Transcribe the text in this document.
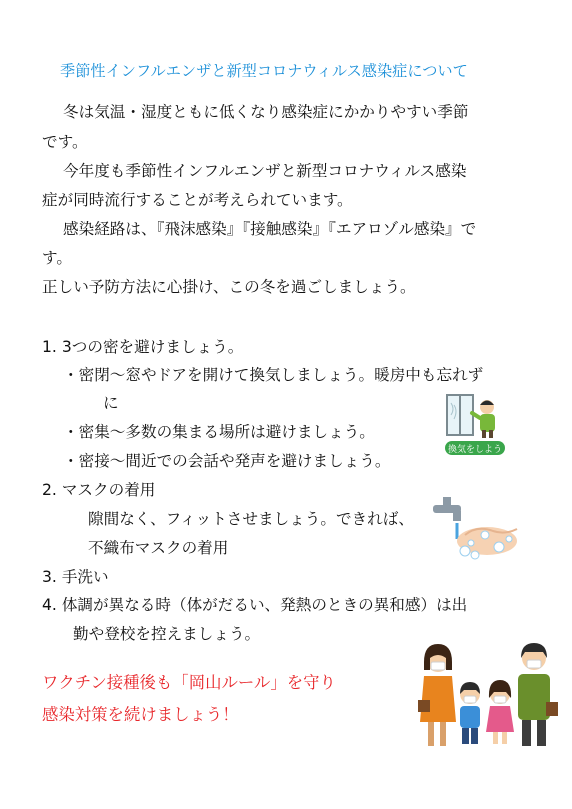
季節性インフルエンザと新型コロナウィルス感染症について
冬は気温・湿度ともに低くなり感染症にかかりやすい季節
です。
今年度も季節性インフルエンザと新型コロナウィルス感染
症が同時流行することが考えられています。
感染経路は、『飛沫感染』『接触感染』『エアロゾル感染』で
す。
正しい予防方法に心掛け、この冬を過ごしましょう。
1. 3つの密を避けましょう。
・密閉～窓やドアを開けて換気しましょう。暖房中も忘れず
に
・密集～多数の集まる場所は避けましょう。
・密接～間近での会話や発声を避けましょう。
2. マスクの着用
隙間なく、フィットさせましょう。できれば、
不織布マスクの着用
3. 手洗い
4. 体調が異なる時（体がだるい、発熱のときの異和感）は出
勤や登校を控えましょう。
ワクチン接種後も「岡山ルール」を守り
感染対策を続けましょう！
換気をしよう
